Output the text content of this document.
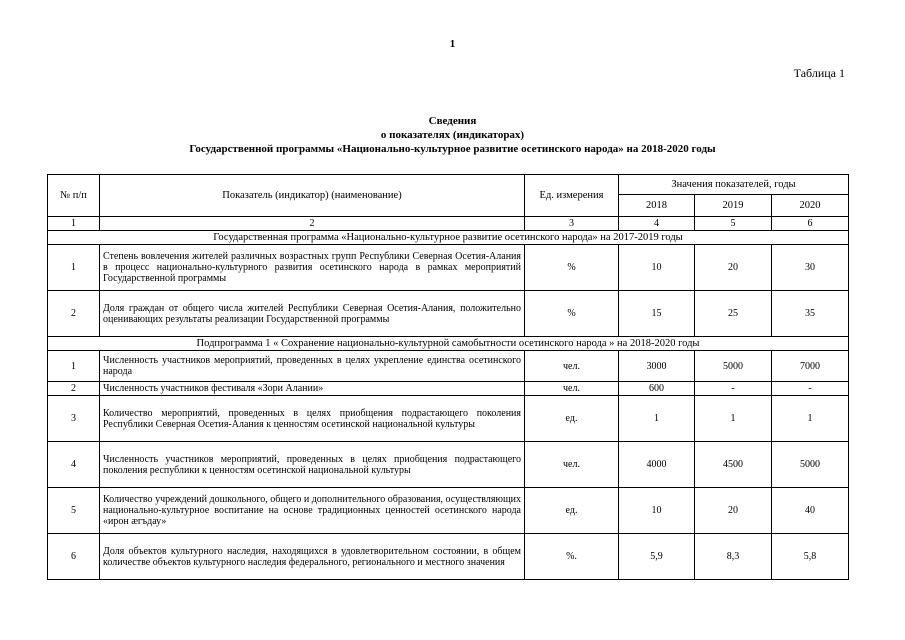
1
Таблица 1
Сведения
о показателях (индикаторах)
Государственной программы «Национально-культурное развитие осетинского народа» на 2018-2020 годы
№ п/п	Показатель (индикатор) (наименование)	Ед. измерения	Значения показателей, годы		
			2018	2019	2020
1	2	3	4	5	6
Государственная программа «Национально-культурное развитие осетинского народа» на 2017-2019 годы					
1	Степень вовлечения жителей различных возрастных групп Республики Северная Осетия-Алания в процесс национально-культурного развития осетинского народа в рамках мероприятий Государственной программы	%	10	20	30
2	Доля граждан от общего числа жителей Республики Северная Осетия-Алания, положительно оценивающих результаты реализации Государственной программы	%	15	25	35
Подпрограмма 1 « Сохранение национально-культурной самобытности осетинского народа » на 2018-2020 годы					
1	Численность участников мероприятий, проведенных в целях укрепление единства осетинского народа	чел.	3000	5000	7000
2	Численность участников фестиваля «Зори Алании»	чел.	600	-	-
3	Количество мероприятий, проведенных в целях приобщения подрастающего поколения Республики Северная Осетия-Алания к ценностям осетинской национальной культуры	ед.	1	1	1
4	Численность участников мероприятий, проведенных в целях приобщения подрастающего поколения республики к ценностям осетинской национальной культуры	чел.	4000	4500	5000
5	Количество учреждений дошкольного, общего и дополнительного образования, осуществляющих национально-культурное воспитание на основе традиционных ценностей осетинского народа «ирон æгъдау»	ед.	10	20	40
6	Доля объектов культурного наследия, находящихся в удовлетворительном состоянии, в общем количестве объектов культурного наследия федерального, регионального и местного значения	%.	5,9	8,3	5,8
